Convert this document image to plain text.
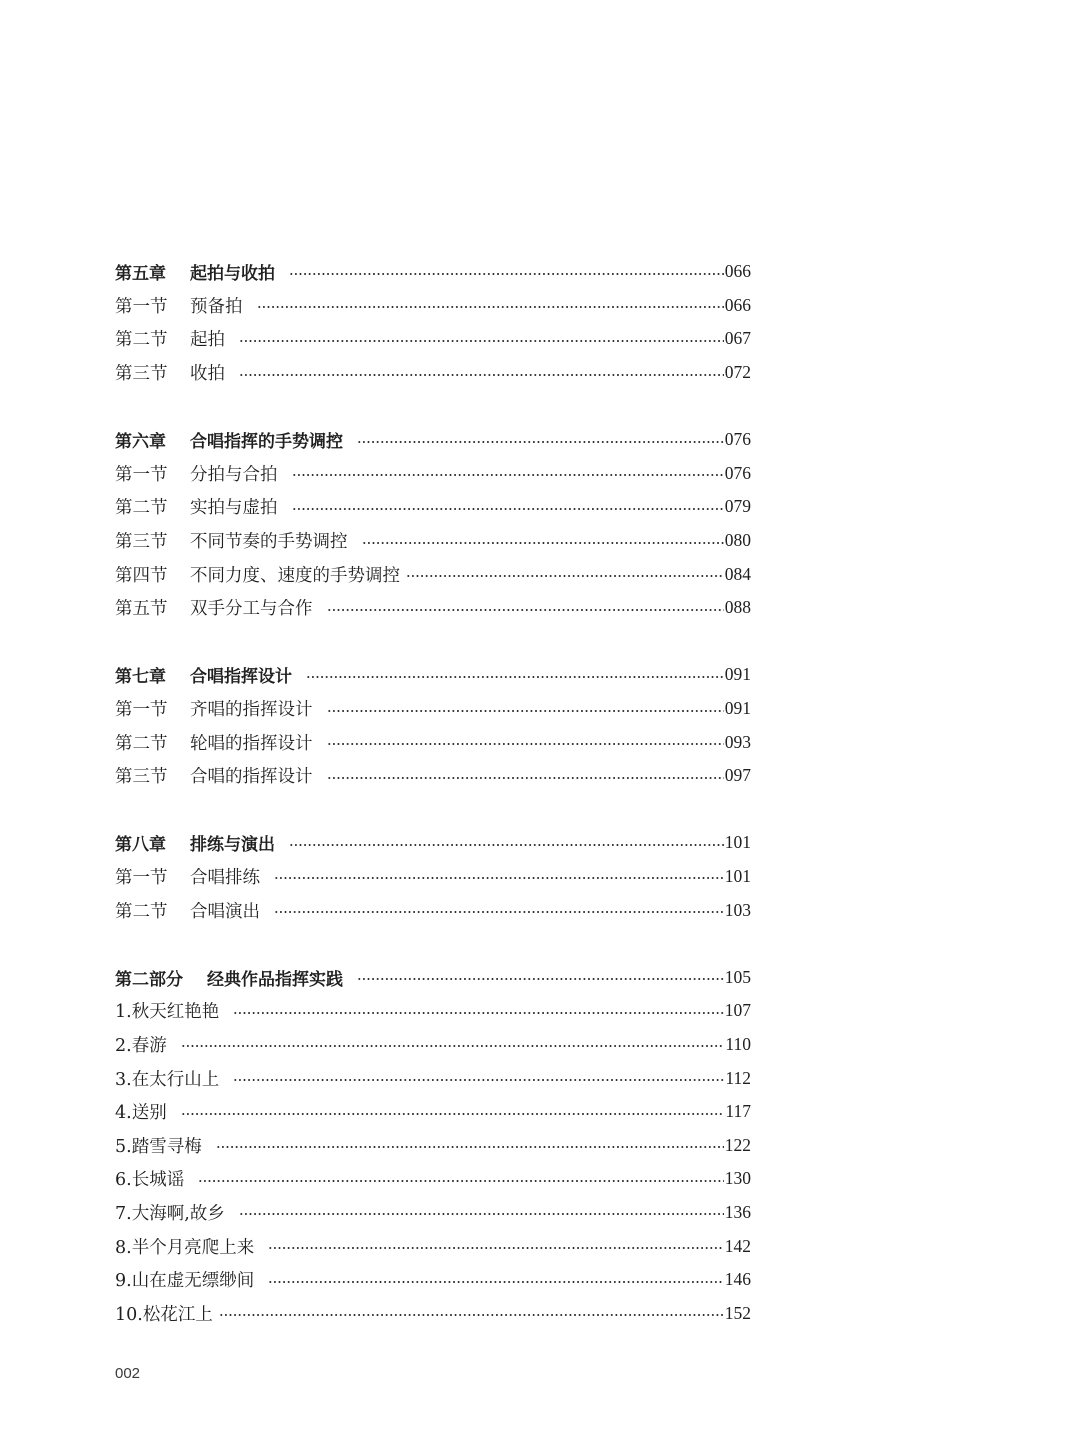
第五章	起拍与收拍	066
第一节	预备拍	066
第二节	起拍	067
第三节	收拍	072
第六章	合唱指挥的手势调控	076
第一节	分拍与合拍	076
第二节	实拍与虚拍	079
第三节	不同节奏的手势调控	080
第四节	不同力度、速度的手势调控	084
第五节	双手分工与合作	088
第七章	合唱指挥设计	091
第一节	齐唱的指挥设计	091
第二节	轮唱的指挥设计	093
第三节	合唱的指挥设计	097
第八章	排练与演出	101
第一节	合唱排练	101
第二节	合唱演出	103
第二部分	经典作品指挥实践	105
1.秋天红艳艳	107
2.春游	110
3.在太行山上	112
4.送别	117
5.踏雪寻梅	122
6.长城谣	130
7.大海啊,故乡	136
8.半个月亮爬上来	142
9.山在虚无缥缈间	146
10.松花江上	152
002
